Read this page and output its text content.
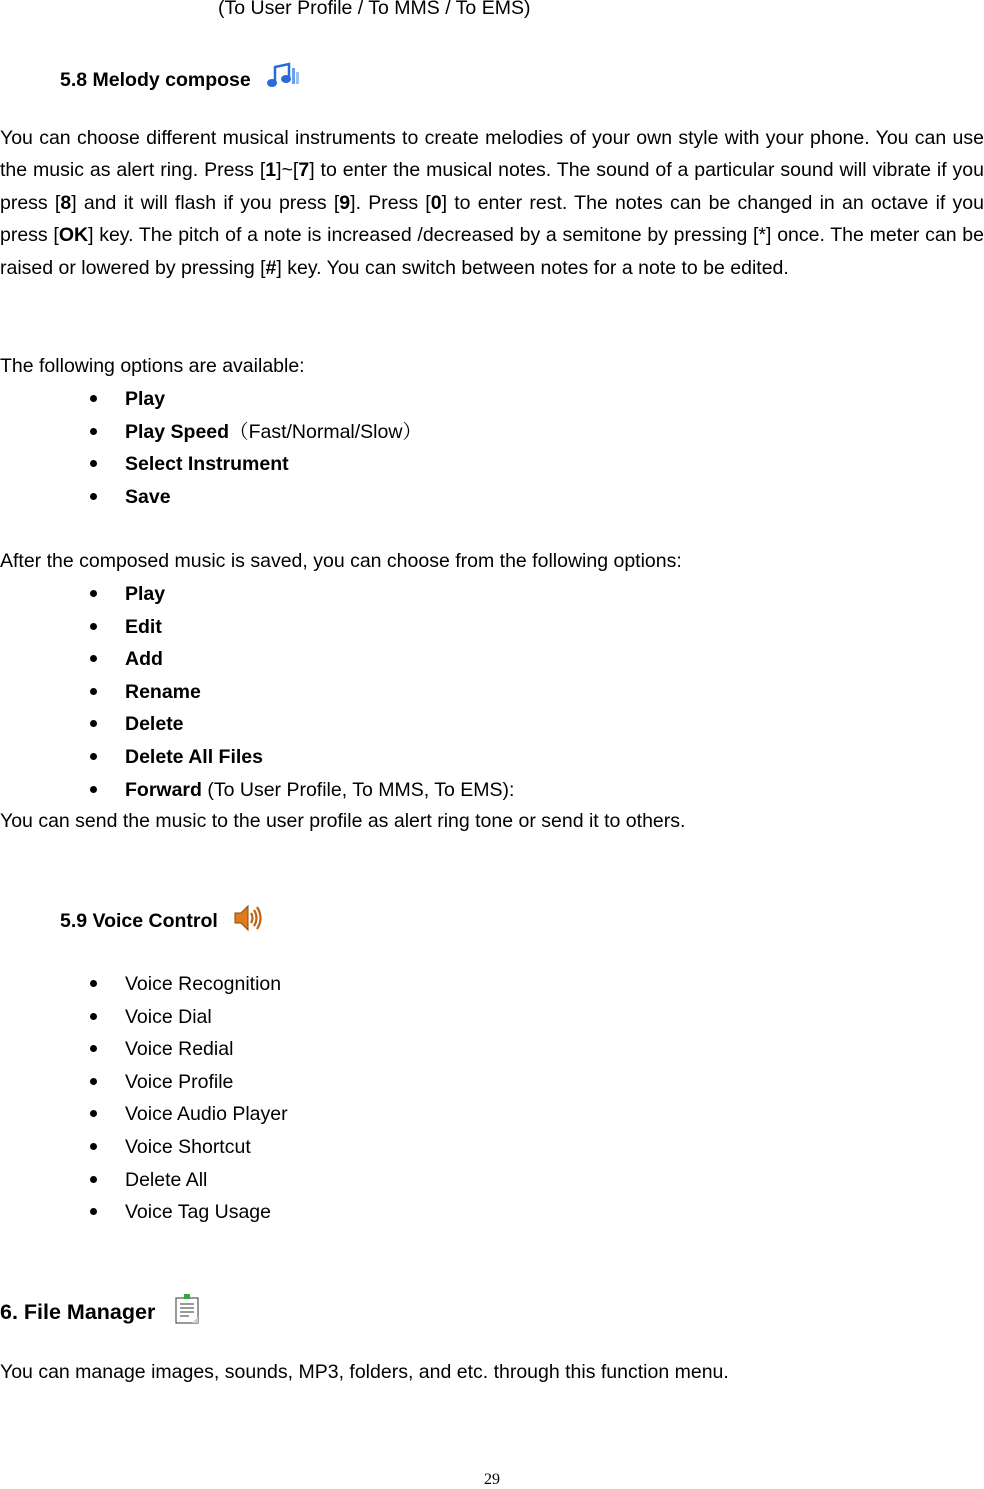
(To User Profile / To MMS / To EMS)
5.8 Melody compose
You can choose different musical instruments to create melodies of your own style with your phone. You can use the music as alert ring. Press [1]~[7] to enter the musical notes. The sound of a particular sound will vibrate if you press [8] and it will flash if you press [9]. Press [0] to enter rest. The notes can be changed in an octave if you press [OK] key. The pitch of a note is increased /decreased by a semitone by pressing [*] once. The meter can be raised or lowered by pressing [#] key. You can switch between notes for a note to be edited.
The following options are available:
Play
Play Speed（Fast/Normal/Slow）
Select Instrument
Save
After the composed music is saved, you can choose from the following options:
Play
Edit
Add
Rename
Delete
Delete All Files
Forward (To User Profile, To MMS, To EMS):
You can send the music to the user profile as alert ring tone or send it to others.
5.9 Voice Control
Voice Recognition
Voice Dial
Voice Redial
Voice Profile
Voice Audio Player
Voice Shortcut
Delete All
Voice Tag Usage
6. File Manager
You can manage images, sounds, MP3, folders, and etc. through this function menu.
29
